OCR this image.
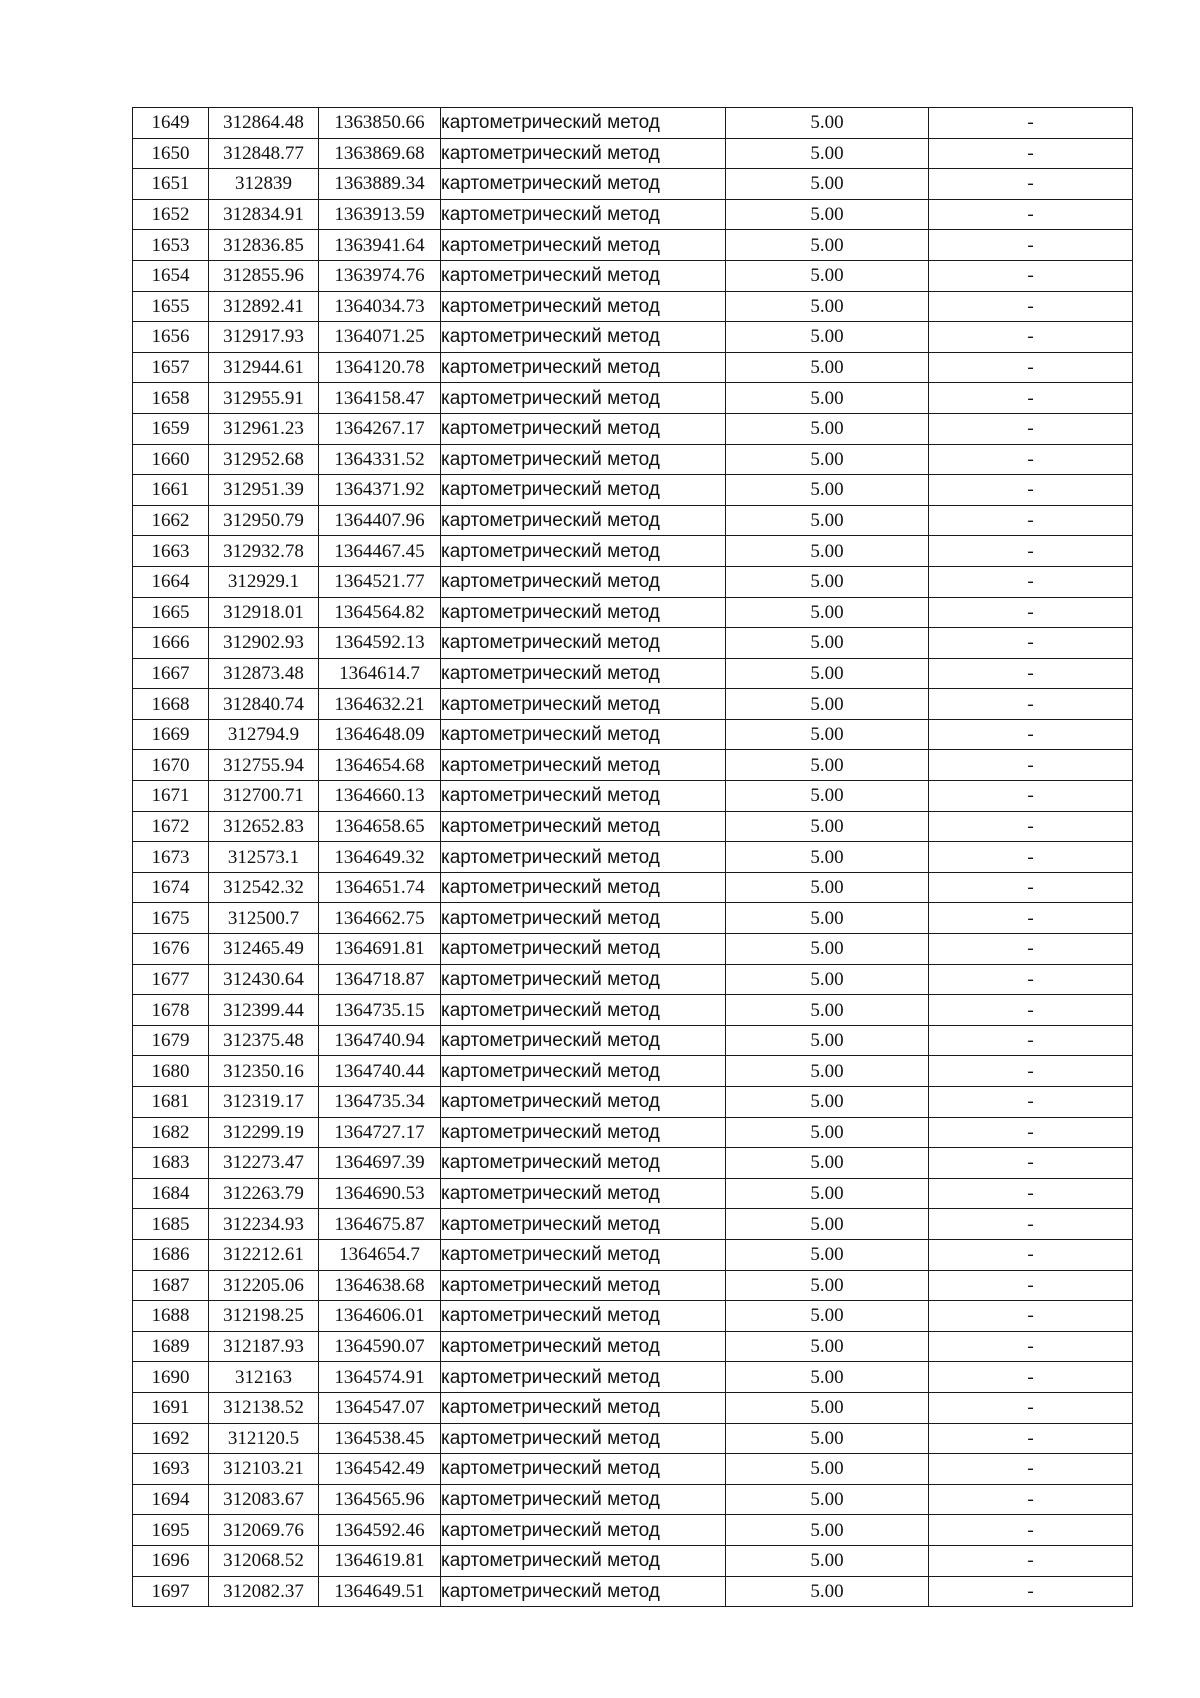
1649	312864.48	1363850.66	картометрический метод	5.00	-
1650	312848.77	1363869.68	картометрический метод	5.00	-
1651	312839	1363889.34	картометрический метод	5.00	-
1652	312834.91	1363913.59	картометрический метод	5.00	-
1653	312836.85	1363941.64	картометрический метод	5.00	-
1654	312855.96	1363974.76	картометрический метод	5.00	-
1655	312892.41	1364034.73	картометрический метод	5.00	-
1656	312917.93	1364071.25	картометрический метод	5.00	-
1657	312944.61	1364120.78	картометрический метод	5.00	-
1658	312955.91	1364158.47	картометрический метод	5.00	-
1659	312961.23	1364267.17	картометрический метод	5.00	-
1660	312952.68	1364331.52	картометрический метод	5.00	-
1661	312951.39	1364371.92	картометрический метод	5.00	-
1662	312950.79	1364407.96	картометрический метод	5.00	-
1663	312932.78	1364467.45	картометрический метод	5.00	-
1664	312929.1	1364521.77	картометрический метод	5.00	-
1665	312918.01	1364564.82	картометрический метод	5.00	-
1666	312902.93	1364592.13	картометрический метод	5.00	-
1667	312873.48	1364614.7	картометрический метод	5.00	-
1668	312840.74	1364632.21	картометрический метод	5.00	-
1669	312794.9	1364648.09	картометрический метод	5.00	-
1670	312755.94	1364654.68	картометрический метод	5.00	-
1671	312700.71	1364660.13	картометрический метод	5.00	-
1672	312652.83	1364658.65	картометрический метод	5.00	-
1673	312573.1	1364649.32	картометрический метод	5.00	-
1674	312542.32	1364651.74	картометрический метод	5.00	-
1675	312500.7	1364662.75	картометрический метод	5.00	-
1676	312465.49	1364691.81	картометрический метод	5.00	-
1677	312430.64	1364718.87	картометрический метод	5.00	-
1678	312399.44	1364735.15	картометрический метод	5.00	-
1679	312375.48	1364740.94	картометрический метод	5.00	-
1680	312350.16	1364740.44	картометрический метод	5.00	-
1681	312319.17	1364735.34	картометрический метод	5.00	-
1682	312299.19	1364727.17	картометрический метод	5.00	-
1683	312273.47	1364697.39	картометрический метод	5.00	-
1684	312263.79	1364690.53	картометрический метод	5.00	-
1685	312234.93	1364675.87	картометрический метод	5.00	-
1686	312212.61	1364654.7	картометрический метод	5.00	-
1687	312205.06	1364638.68	картометрический метод	5.00	-
1688	312198.25	1364606.01	картометрический метод	5.00	-
1689	312187.93	1364590.07	картометрический метод	5.00	-
1690	312163	1364574.91	картометрический метод	5.00	-
1691	312138.52	1364547.07	картометрический метод	5.00	-
1692	312120.5	1364538.45	картометрический метод	5.00	-
1693	312103.21	1364542.49	картометрический метод	5.00	-
1694	312083.67	1364565.96	картометрический метод	5.00	-
1695	312069.76	1364592.46	картометрический метод	5.00	-
1696	312068.52	1364619.81	картометрический метод	5.00	-
1697	312082.37	1364649.51	картометрический метод	5.00	-
